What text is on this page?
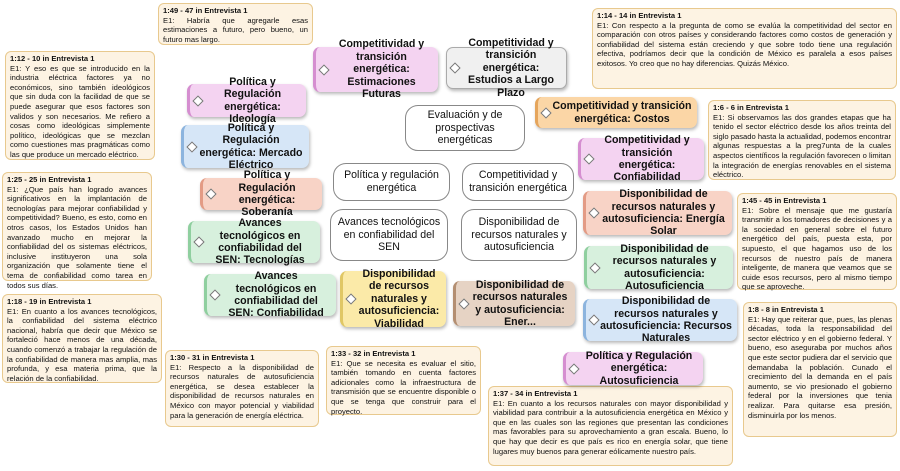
1:49 - 47 in Entrevista 1
E1: Habría que agregarle esas estimaciones a futuro, pero bueno, un futuro mas largo.
1:14 - 14 in Entrevista 1
E1: Con respecto a la pregunta de como se evalúa la competitividad del sector en comparación con otros países y considerando factores como costos de generación y confiabilidad del sistema están creciendo y que sobre todo tiene una regulación efectiva, podríamos decir que la condición de México es paralela a esos países exitosos. Yo creo que no hay diferencias. Quizás México.
1:12 - 10 in Entrevista 1
E1: Y eso es que se introducido en la industria eléctrica factores ya no económicos, sino también ideológicos que sin duda con la facilidad de que se puede asegurar que esos factores son validos y son necesarios. Me refiero a cosas como ideológicas simplemente político, ideológicas que se mezclan como cuestiones mas pragmáticas como las que produce un mercado eléctrico.
1:6 - 6 in Entrevista 1
E1: Si observamos las dos grandes etapas que ha tenido el sector eléctrico desde los años treinta del siglo pasado hasta la actualidad, podemos encontrar algunas respuestas a la preg7unta de la cuales aspectos científicos la regulación favorecen o limitan la integración de energías renovables en el sistema eléctrico.
1:25 - 25 in Entrevista 1
E1: ¿Que país han logrado avances significativos en la implantación de tecnologías para mejorar confiabilidad y competitividad? Bueno, es esto, como en otros casos, los Estados Unidos han avanzado mucho en mejorar la confiabilidad del os sistemas eléctricos, inclusive instituyeron una sola organización que solamente tiene el tema de confiabilidad como tarea en todos sus días.
1:45 - 45 in Entrevista 1
E1: Sobre el mensaje que me gustaría transmitir a los tomadores de decisiones y a la sociedad en general sobre el futuro energético del país, puesta esta, por supuesto, el que hagamos uso de los recursos de nuestro país de manera inteligente, de manera que veamos que se cuide esos recursos, pero al mismo tiempo que se aproveche.
1:18 - 19 in Entrevista 1
E1: En cuanto a los avances tecnológicos, la confiabilidad del sistema eléctrico nacional, habría que decir que México se fortaleció hace menos de una década, cuando comenzó a trabajar la regulación de la confiabilidad de manera mas amplia, mas profunda, y esa materia prima, que la relación de la confiabilidad.
1:8 - 8 in Entrevista 1
E1: Hay que reiterar que, pues, las plenas décadas, toda la responsabilidad del sector eléctrico y en el gobierno federal. Y bueno, eso aseguraba por muchos años que este sector pudiera dar el servicio que demandaba la población. Cunado el crecimiento del la demanda en el país aumento, se vio presionado el gobierno federal por la inversiones que tenia realizar. Para quitarse esa presión, disminuirla por los menos.
1:30 - 31 in Entrevista 1
E1: Respecto a la disponibilidad de recursos naturales de autosuficiencia energética, se desea establecer la disponibilidad de recursos naturales en México con mayor potencial y viabilidad para la generación de energía eléctrica.
1:33 - 32 in Entrevista 1
E1: Que se necesita es evaluar el sitio, también tomando en cuenta factores adicionales como la infraestructura de transmisión que se encuentre disponible o que se tenga que construir para el proyecto.
1:37 - 34 in Entrevista 1
E1: En cuanto a los recursos naturales con mayor disponibilidad y viabilidad para contribuir a la autosuficiencia energética en México y que en las cuales son las regiones que presentan las condiciones mas favorables para su aprovechamiento a gran escala. Bueno, lo que hay que decir es que país es rico en energía solar, que tiene lugares muy buenos para generar eólicamente nuestro país.
Evaluación y de prospectivas energéticas
Política y regulación energética
Competitividad y transición energética
Avances tecnológicos en confiabilidad del SEN
Disponibilidad de recursos naturales y autosuficiencia
Competitividad y transición energética: Estimaciones Futuras
Competitividad y transición energética: Estudios a Largo Plazo
Política y Regulación energética: Ideología
Política y Regulación energética: Mercado Eléctrico
Competitividad y transición energética: Costos
Competitividad y transición energética: Confiabilidad
Política y Regulación energética: Soberanía
Disponibilidad de recursos naturales y autosuficiencia: Energía Solar
Avances tecnológicos en confiabilidad del SEN: Tecnologías
Disponibilidad de recursos naturales y autosuficiencia: Autosuficiencia
Avances tecnológicos en confiabilidad del SEN: Confiabilidad
Disponibilidad de recursos naturales y autosuficiencia: Viabilidad
Disponibilidad de recursos naturales y autosuficiencia: Ener...
Disponibilidad de recursos naturales y autosuficiencia: Recursos Naturales
Política y Regulación energética: Autosuficiencia
